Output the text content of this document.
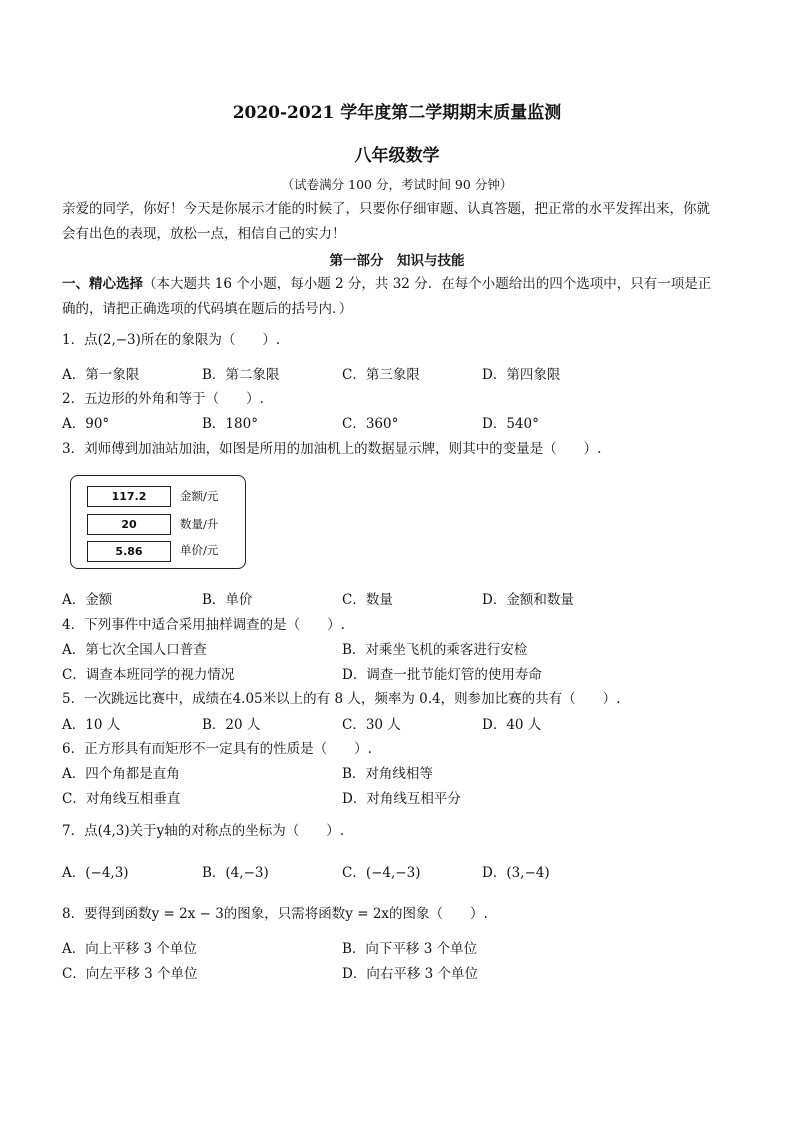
2020-2021 学年度第二学期期末质量监测
八年级数学
（试卷满分 100 分，考试时间 90 分钟）
亲爱的同学，你好！今天是你展示才能的时候了，只要你仔细审题、认真答题，把正常的水平发挥出来，你就
会有出色的表现，放松一点，相信自己的实力！
第一部分　知识与技能
一、精心选择（本大题共 16 个小题，每小题 2 分，共 32 分．在每个小题给出的四个选项中，只有一项是正
确的，请把正确选项的代码填在题后的括号内．）
1．点(2,−3)所在的象限为（　　）.
A．第一象限	B．第二象限	C．第三象限	D．第四象限
2．五边形的外角和等于（　　）.
A．90°	B．180°	C．360°	D．540°
3．刘师傅到加油站加油，如图是所用的加油机上的数据显示牌，则其中的变量是（　　）.
117.2	金额/元
20	数量/升
5.86	单价/元
A．金额	B．单价	C．数量	D．金额和数量
4．下列事件中适合采用抽样调查的是（　　）.
A．第七次全国人口普查	B．对乘坐飞机的乘客进行安检
C．调查本班同学的视力情况	D．调查一批节能灯管的使用寿命
5．一次跳远比赛中，成绩在4.05米以上的有 8 人，频率为 0.4，则参加比赛的共有（　　）.
A．10 人	B．20 人	C．30 人	D．40 人
6．正方形具有而矩形不一定具有的性质是（　　）.
A．四个角都是直角	B．对角线相等
C．对角线互相垂直	D．对角线互相平分
7．点(4,3)关于y轴的对称点的坐标为（　　）.
A．(−4,3)	B．(4,−3)	C．(−4,−3)	D．(3,−4)
8．要得到函数y = 2x − 3的图象，只需将函数y = 2x的图象（　　）.
A．向上平移 3 个单位	B．向下平移 3 个单位
C．向左平移 3 个单位	D．向右平移 3 个单位
